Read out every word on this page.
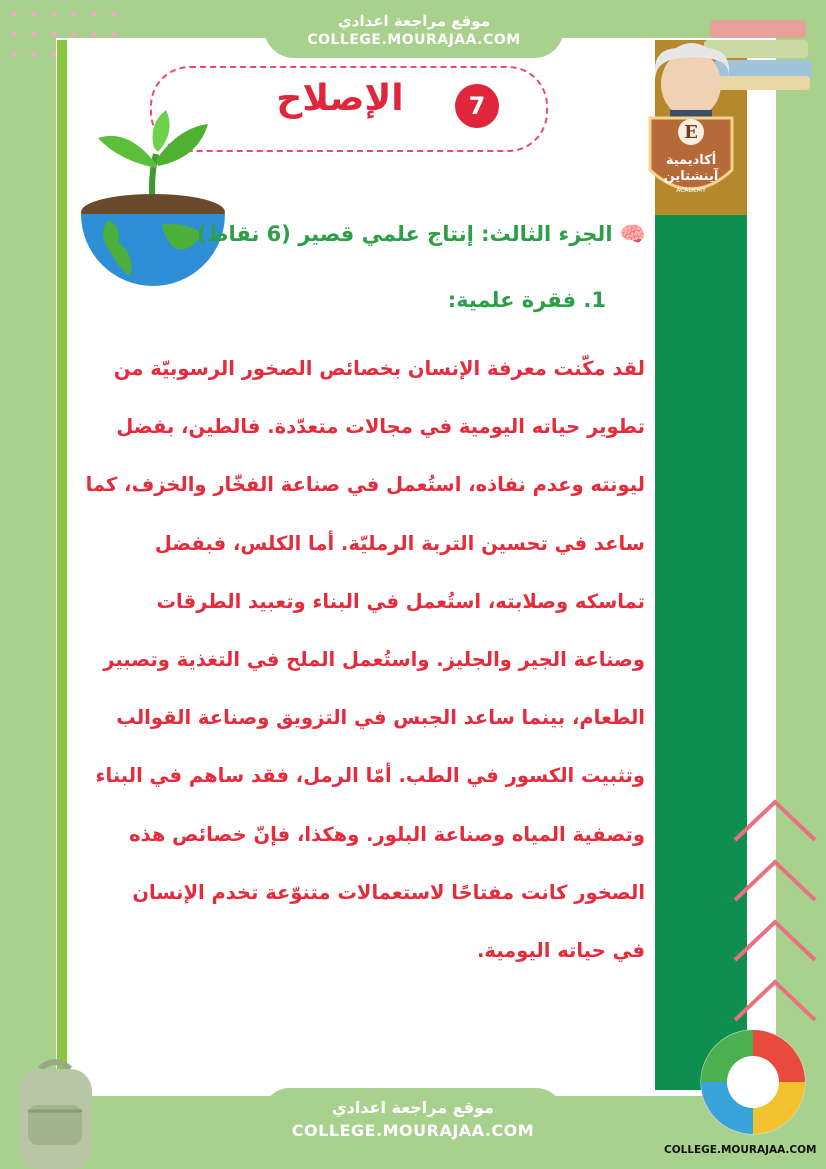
موقع مراجعة اعدادي
COLLEGE.MOURAJAA.COM
E
أكاديمية
آينشتاين
ACADEMY
الإصلاح	7
🧠 الجزء الثالث: إنتاج علمي قصير (6 نقاط)
1. فقرة علمية:
لقد مكّنت معرفة الإنسان بخصائص الصخور الرسوبيّة من
تطوير حياته اليومية في مجالات متعدّدة. فالطين، بفضل
ليونته وعدم نفاذه، استُعمل في صناعة الفخّار والخزف، كما
ساعد في تحسين التربة الرمليّة. أما الكلس، فبفضل
تماسكه وصلابته، استُعمل في البناء وتعبيد الطرقات
وصناعة الجير والجليز. واستُعمل الملح في التغذية وتصبير
الطعام، بينما ساعد الجبس في التزويق وصناعة القوالب
وتثبيت الكسور في الطب. أمّا الرمل، فقد ساهم في البناء
وتصفية المياه وصناعة البلور. وهكذا، فإنّ خصائص هذه
الصخور كانت مفتاحًا لاستعمالات متنوّعة تخدم الإنسان
في حياته اليومية.
موقع مراجعة اعدادي
COLLEGE.MOURAJAA.COM
COLLEGE.MOURAJAA.COM
